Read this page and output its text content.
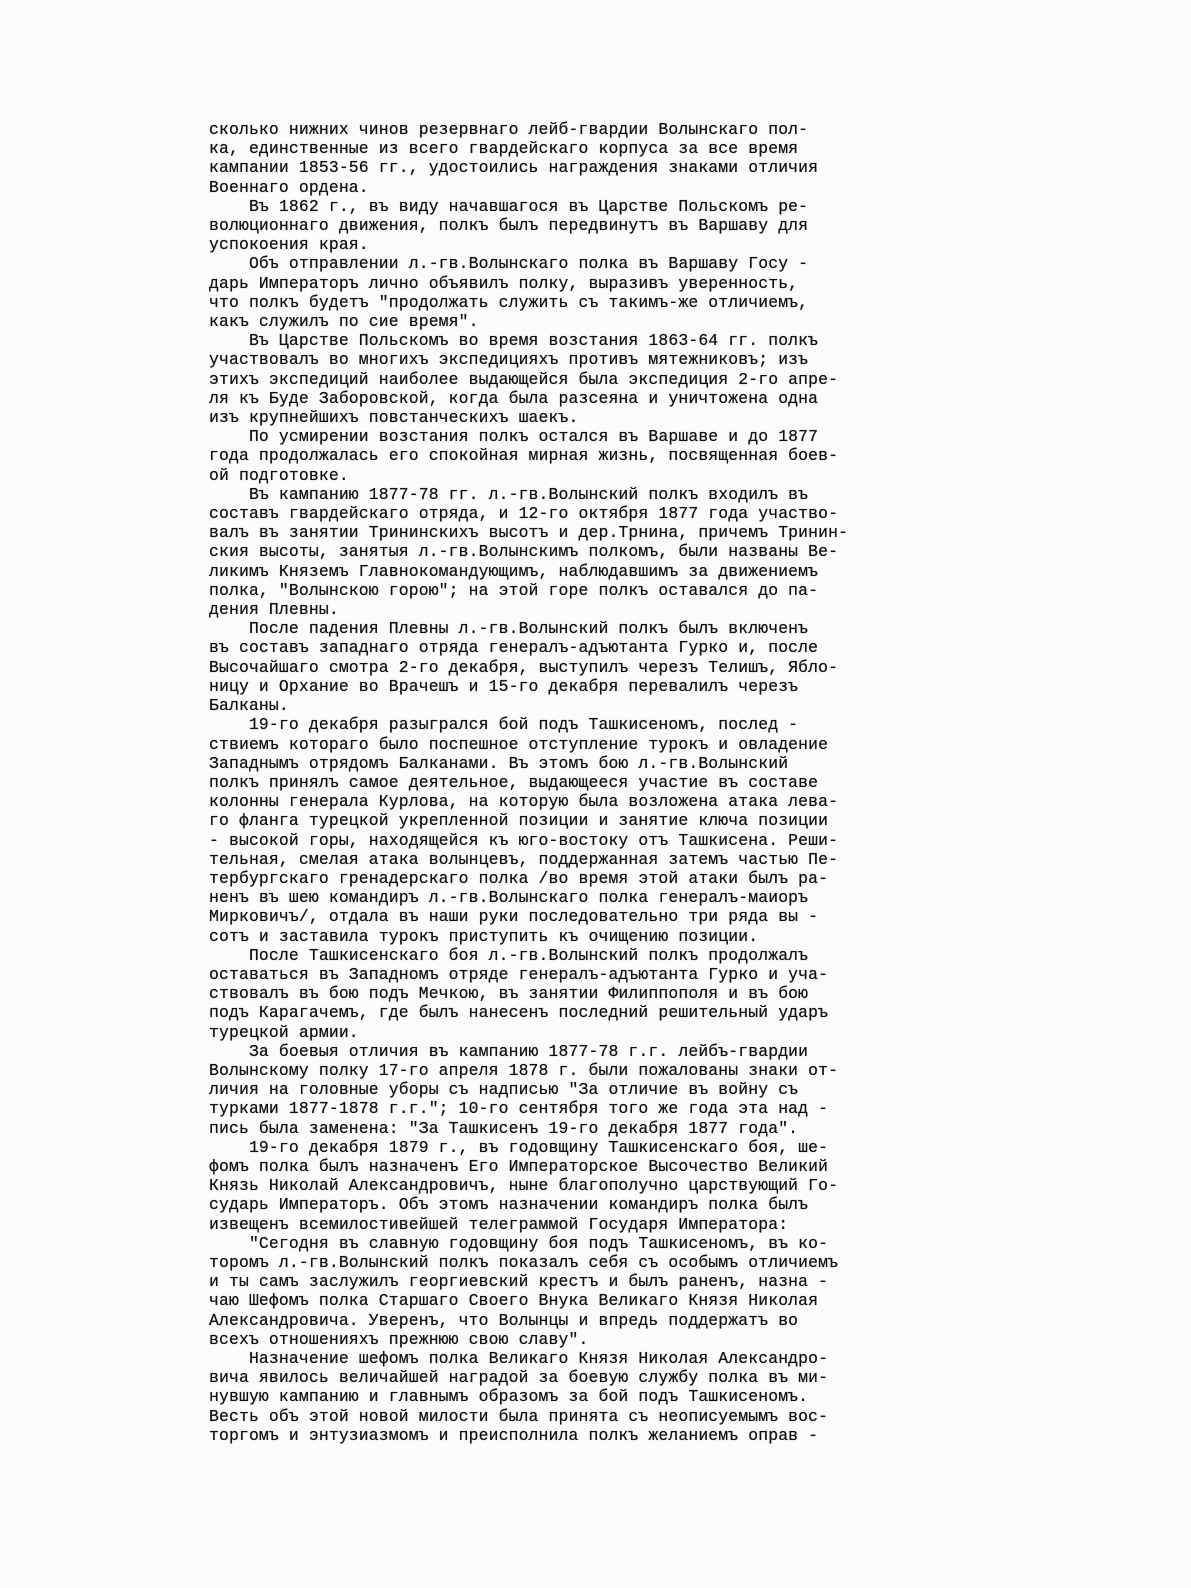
сколько нижних чинов резервнаго лейб-гвардии Волынскаго пол-

ка, единственные из всего гвардейскаго корпуса за все время

кампании 1853-56 гг., удостоились награждения знаками отличия

Военнаго ордена.

Въ 1862 г., въ виду начавшагося въ Царстве Польскомъ ре-

волюционнаго движения, полкъ былъ передвинутъ въ Варшаву для

успокоения края.

Объ отправлении л.-гв.Волынскаго полка въ Варшаву Госу -

дарь Императоръ лично объявилъ полку, выразивъ уверенность,

что полкъ будетъ "продолжать служить съ такимъ-же отличиемъ,

какъ служилъ по сие время".

Въ Царстве Польскомъ во время возстания 1863-64 гг. полкъ

участвовалъ во многихъ экспедицияхъ противъ мятежниковъ; изъ

этихъ экспедиций наиболее выдающейся была экспедиция 2-го апре-

ля къ Буде Заборовской, когда была разсеяна и уничтожена одна

изъ крупнейшихъ повстанческихъ шаекъ.

По усмирении возстания полкъ остался въ Варшаве и до 1877

года продолжалась его спокойная мирная жизнь, посвященная боев-

ой подготовке.

Въ кампанию 1877-78 гг. л.-гв.Волынский полкъ входилъ въ

составъ гвардейскаго отряда, и 12-го октября 1877 года участво-

валъ въ занятии Трининскихъ высотъ и дер.Трнина, причемъ Тринин-

ския высоты, занятыя л.-гв.Волынскимъ полкомъ, были названы Ве-

ликимъ Княземъ Главнокомандующимъ, наблюдавшимъ за движениемъ

полка, "Волынскою горою"; на этой горе полкъ оставался до па-

дения Плевны.

После падения Плевны л.-гв.Волынский полкъ былъ включенъ

въ составъ западнаго отряда генералъ-адъютанта Гурко и, после

Высочайшаго смотра 2-го декабря, выступилъ черезъ Телишъ, Ябло-

ницу и Орхание во Врачешъ и 15-го декабря перевалилъ черезъ

Балканы.

19-го декабря разыгрался бой подъ Ташкисеномъ, послед -

ствиемъ котораго было поспешное отступление турокъ и овладение

Западнымъ отрядомъ Балканами. Въ этомъ бою л.-гв.Волынский

полкъ принялъ самое деятельное, выдающееся участие въ составе

колонны генерала Курлова, на которую была возложена атака лева-

го фланга турецкой укрепленной позиции и занятие ключа позиции

- высокой горы, находящейся къ юго-востоку отъ Ташкисена. Реши-

тельная, смелая атака волынцевъ, поддержанная затемъ частью Пе-

тербургскаго гренадерскаго полка /во время этой атаки былъ ра-

ненъ въ шею командиръ л.-гв.Волынскаго полка генералъ-маиоръ

Мирковичъ/, отдала въ наши руки последовательно три ряда вы -

сотъ и заставила турокъ приступить къ очищению позиции.

После Ташкисенскаго боя л.-гв.Волынский полкъ продолжалъ

оставаться въ Западномъ отряде генералъ-адъютанта Гурко и уча-

ствовалъ въ бою подъ Мечкою, въ занятии Филиппополя и въ бою

подъ Карагачемъ, где былъ нанесенъ последний решительный ударъ

турецкой армии.

За боевыя отличия въ кампанию 1877-78 г.г. лейбъ-гвардии

Волынскому полку 17-го апреля 1878 г. были пожалованы знаки от-

личия на головные уборы съ надписью "За отличие въ войну съ

турками 1877-1878 г.г."; 10-го сентября того же года эта над -

пись была заменена: "За Ташкисенъ 19-го декабря 1877 года".

19-го декабря 1879 г., въ годовщину Ташкисенскаго боя, ше-

фомъ полка былъ назначенъ Его Императорское Высочество Великий

Князь Николай Александровичъ, ныне благополучно царствующий Го-

сударь Императоръ. Объ этомъ назначении командиръ полка былъ

извещенъ всемилостивейшей телеграммой Государя Императора:

"Сегодня въ славную годовщину боя подъ Ташкисеномъ, въ ко-

торомъ л.-гв.Волынский полкъ показалъ себя съ особымъ отличиемъ

и ты самъ заслужилъ георгиевский крестъ и былъ раненъ, назна -

чаю Шефомъ полка Старшаго Своего Внука Великаго Князя Николая

Александровича. Уверенъ, что Волынцы и впредь поддержатъ во

всехъ отношенияхъ прежнюю свою славу".

Назначение шефомъ полка Великаго Князя Николая Александро-

вича явилось величайшей наградой за боевую службу полка въ ми-

нувшую кампанию и главнымъ образомъ за бой подъ Ташкисеномъ.

Весть объ этой новой милости была принята съ неописуемымъ вос-

торгомъ и энтузиазмомъ и преисполнила полкъ желаниемъ оправ -
